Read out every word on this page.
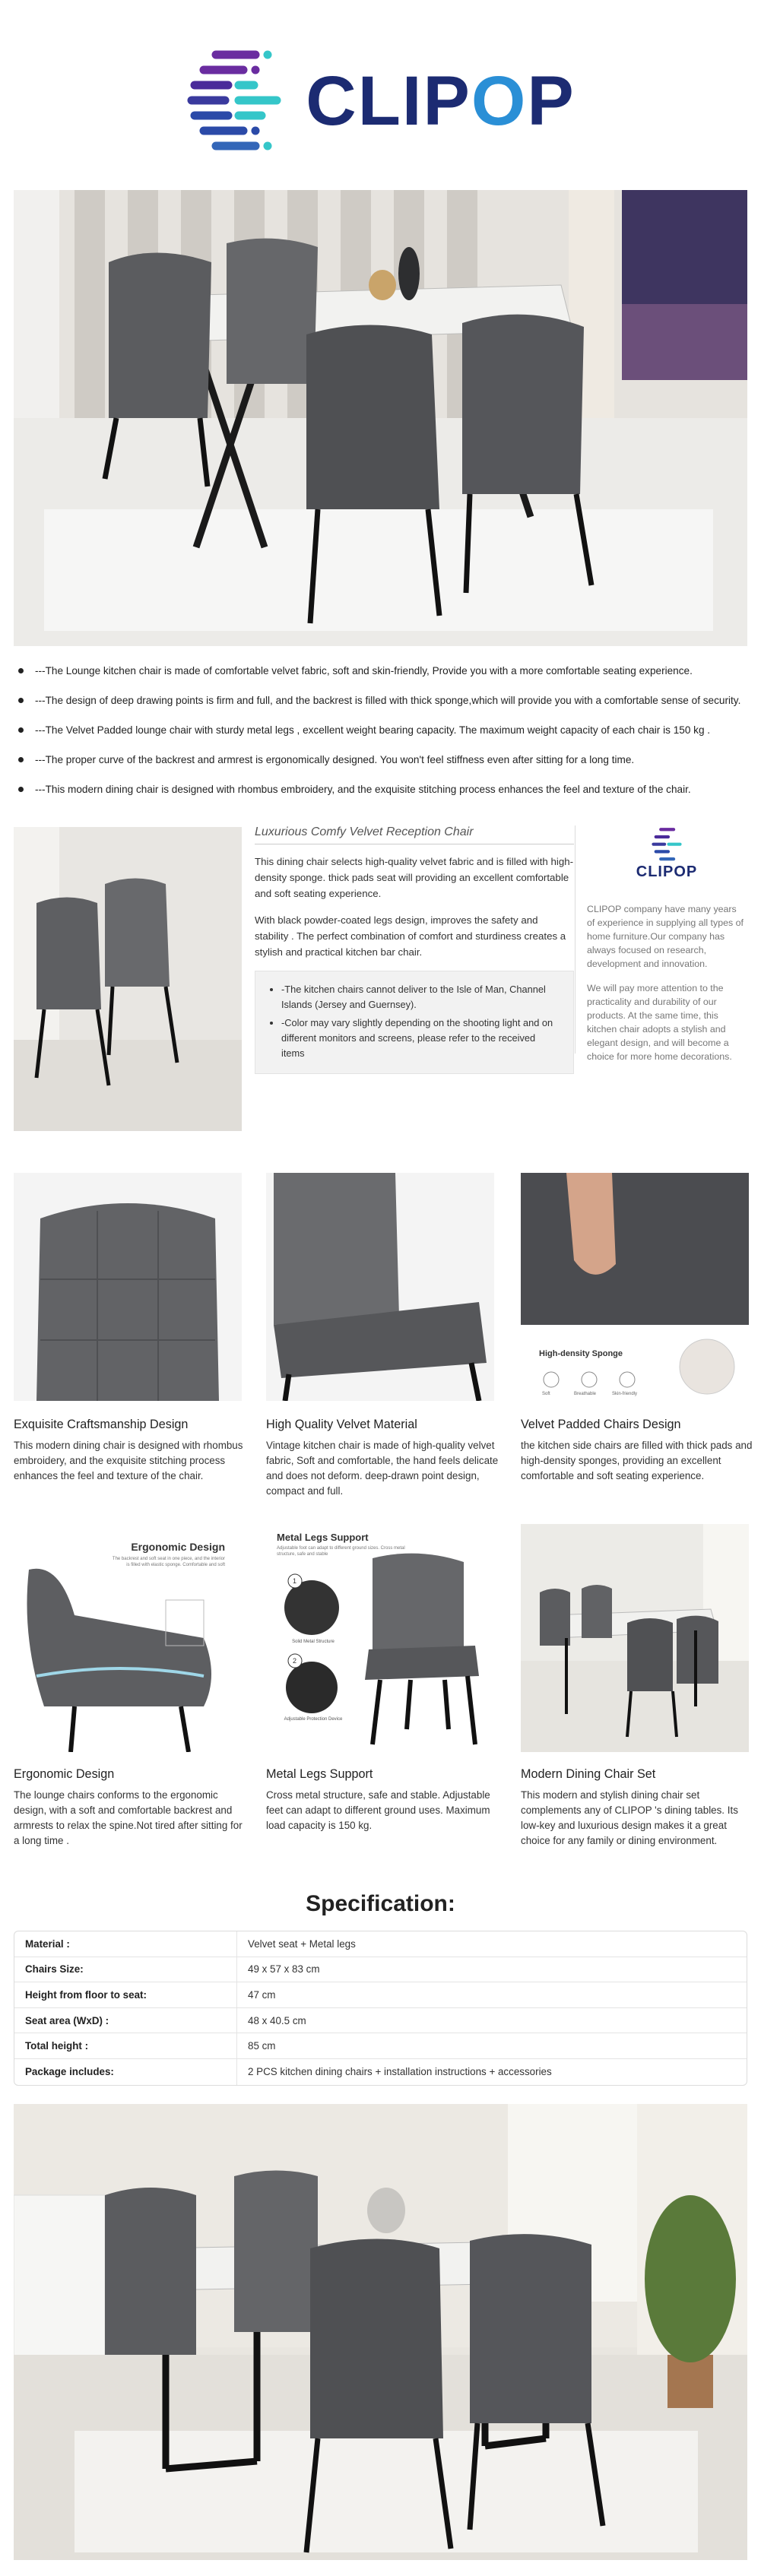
CLIPOP
---The Lounge kitchen chair is made of comfortable velvet fabric, soft and skin-friendly, Provide you with a more comfortable seating experience.
---The design of deep drawing points is firm and full, and the backrest is filled with thick sponge,which will provide you with a comfortable sense of security.
---The Velvet Padded lounge chair with sturdy metal legs , excellent weight bearing capacity. The maximum weight capacity of each chair is 150 kg .
---The proper curve of the backrest and armrest is ergonomically designed. You won't feel stiffness even after sitting for a long time.
---This modern dining chair is designed with rhombus embroidery, and the exquisite stitching process enhances the feel and texture of the chair.
Luxurious Comfy Velvet Reception Chair

This dining chair selects high-quality velvet fabric and is filled with high-density sponge. thick pads seat will providing an excellent comfortable and soft seating experience.

With black powder-coated legs design, improves the safety and stability . The perfect combination of comfort and sturdiness creates a stylish and practical kitchen bar chair.

• -The kitchen chairs cannot deliver to the Isle of Man, Channel Islands (Jersey and Guernsey).
• -Color may vary slightly depending on the shooting light and on different monitors and screens, please refer to the received items
CLIPOP

CLIPOP company have many years of experience in supplying all types of home furniture.Our company has always focused on research, development and innovation.

We will pay more attention to the practicality and durability of our products. At the same time, this kitchen chair adopts a stylish and elegant design, and will become a choice for more home decorations.

High-density Sponge
Soft	Breathable	Skin-friendly
Exquisite Craftsmanship Design
This modern dining chair is designed with rhombus embroidery, and the exquisite stitching process enhances the feel and texture of the chair.
High Quality Velvet Material
Vintage kitchen chair is made of high-quality velvet fabric, Soft and comfortable, the hand feels delicate and does not deform. deep-drawn point design, compact and full.
Velvet Padded Chairs Design
the kitchen side chairs are filled with thick pads and high-density sponges, providing an excellent comfortable and soft seating experience.
Ergonomic Design
The backrest and soft seat in one piece, and the interior is filled with elastic sponge. Comfortable and soft
Metal Legs Support
Adjustable foot can adapt to different ground sizes. Cross metal structure, safe and stable
1
Solid Metal Structure
2
Adjustable Protection Device
Ergonomic Design
The lounge chairs conforms to the ergonomic design, with a soft and comfortable backrest and armrests to relax the spine.Not tired after sitting for a long time .
Metal Legs Support
Cross metal structure, safe and stable. Adjustable feet can adapt to different ground uses. Maximum load capacity is 150 kg.
Modern Dining Chair Set
This modern and stylish dining chair set complements any of CLIPOP 's dining tables. Its low-key and luxurious design makes it a great choice for any family or dining environment.
Specification:
Material :	Velvet seat + Metal legs
Chairs Size:	49 x 57 x 83 cm
Height from floor to seat:	47 cm
Seat area (WxD) :	48 x 40.5 cm
Total height :	85 cm
Package includes:	2 PCS kitchen dining chairs + installation instructions + accessories
